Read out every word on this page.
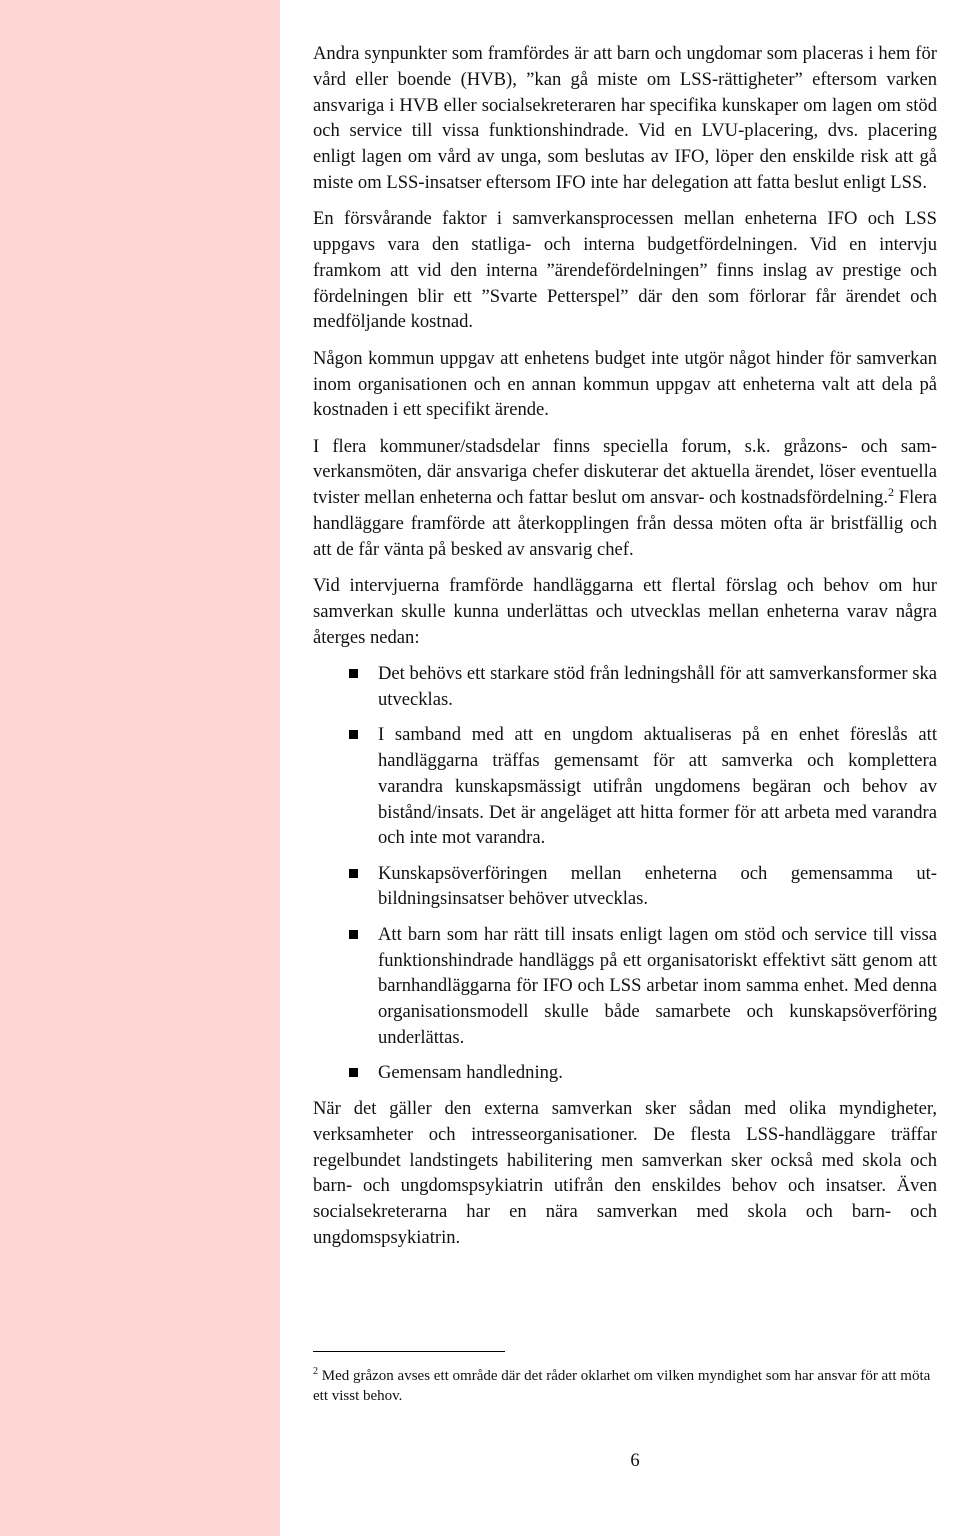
Andra synpunkter som framfördes är att barn och ungdomar som placeras i hem för vård eller boende (HVB), ”kan gå miste om LSS-rättigheter” eftersom varken ansvariga i HVB eller socialsekreteraren har specifika kunskaper om lagen om stöd och service till vissa funktionshindrade. Vid en LVU-placering, dvs. placering enligt lagen om vård av unga, som beslutas av IFO, löper den enskilde risk att gå miste om LSS-insatser eftersom IFO inte har delegation att fatta beslut enligt LSS.

En försvårande faktor i samverkansprocessen mellan enheterna IFO och LSS uppgavs vara den statliga- och interna budgetfördelningen. Vid en intervju framkom att vid den interna ”ärendefördelningen” finns inslag av prestige och fördelningen blir ett ”Svarte Petterspel” där den som förlorar får ärendet och medföljande kostnad.

Någon kommun uppgav att enhetens budget inte utgör något hinder för samverkan inom organisationen och en annan kommun uppgav att enheterna valt att dela på kostnaden i ett specifikt ärende.

I flera kommuner/stadsdelar finns speciella forum, s.k. gråzons- och samverkansmöten, där ansvariga chefer diskuterar det aktuella ärendet, löser eventuella tvister mellan enheterna och fattar beslut om ansvar- och kostnadsfördelning.$^2$ Flera handläggare framförde att återkopplingen från dessa möten ofta är bristfällig och att de får vänta på besked av ansvarig chef.

Vid intervjuerna framförde handläggarna ett flertal förslag och behov om hur samverkan skulle kunna underlättas och utvecklas mellan enheterna varav några återges nedan:

Det behövs ett starkare stöd från ledningshåll för att samverkansformer ska utvecklas.
I samband med att en ungdom aktualiseras på en enhet föreslås att handläggarna träffas gemensamt för att samverka och komplettera varandra kunskapsmässigt utifrån ungdomens begäran och behov av bistånd/insats. Det är angeläget att hitta former för att arbeta med varandra och inte mot varandra.
Kunskapsöverföringen mellan enheterna och gemensamma utbildningsinsatser behöver utvecklas.
Att barn som har rätt till insats enligt lagen om stöd och service till vissa funktionshindrade handläggs på ett organisatoriskt effektivt sätt genom att barnhandläggarna för IFO och LSS arbetar inom samma enhet. Med denna organisationsmodell skulle både samarbete och kunskapsöverföring underlättas.
Gemensam handledning.

När det gäller den externa samverkan sker sådan med olika myndigheter, verksamheter och intresseorganisationer. De flesta LSS-handläggare träffar regelbundet landstingets habilitering men samverkan sker också med skola och barn- och ungdomspsykiatrin utifrån den enskildes behov och insatser. Även socialsekreterarna har en nära samverkan med skola och barn- och ungdomspsykiatrin.

$^2$ Med gråzon avses ett område där det råder oklarhet om vilken myndighet som har ansvar för att möta ett visst behov.
6
